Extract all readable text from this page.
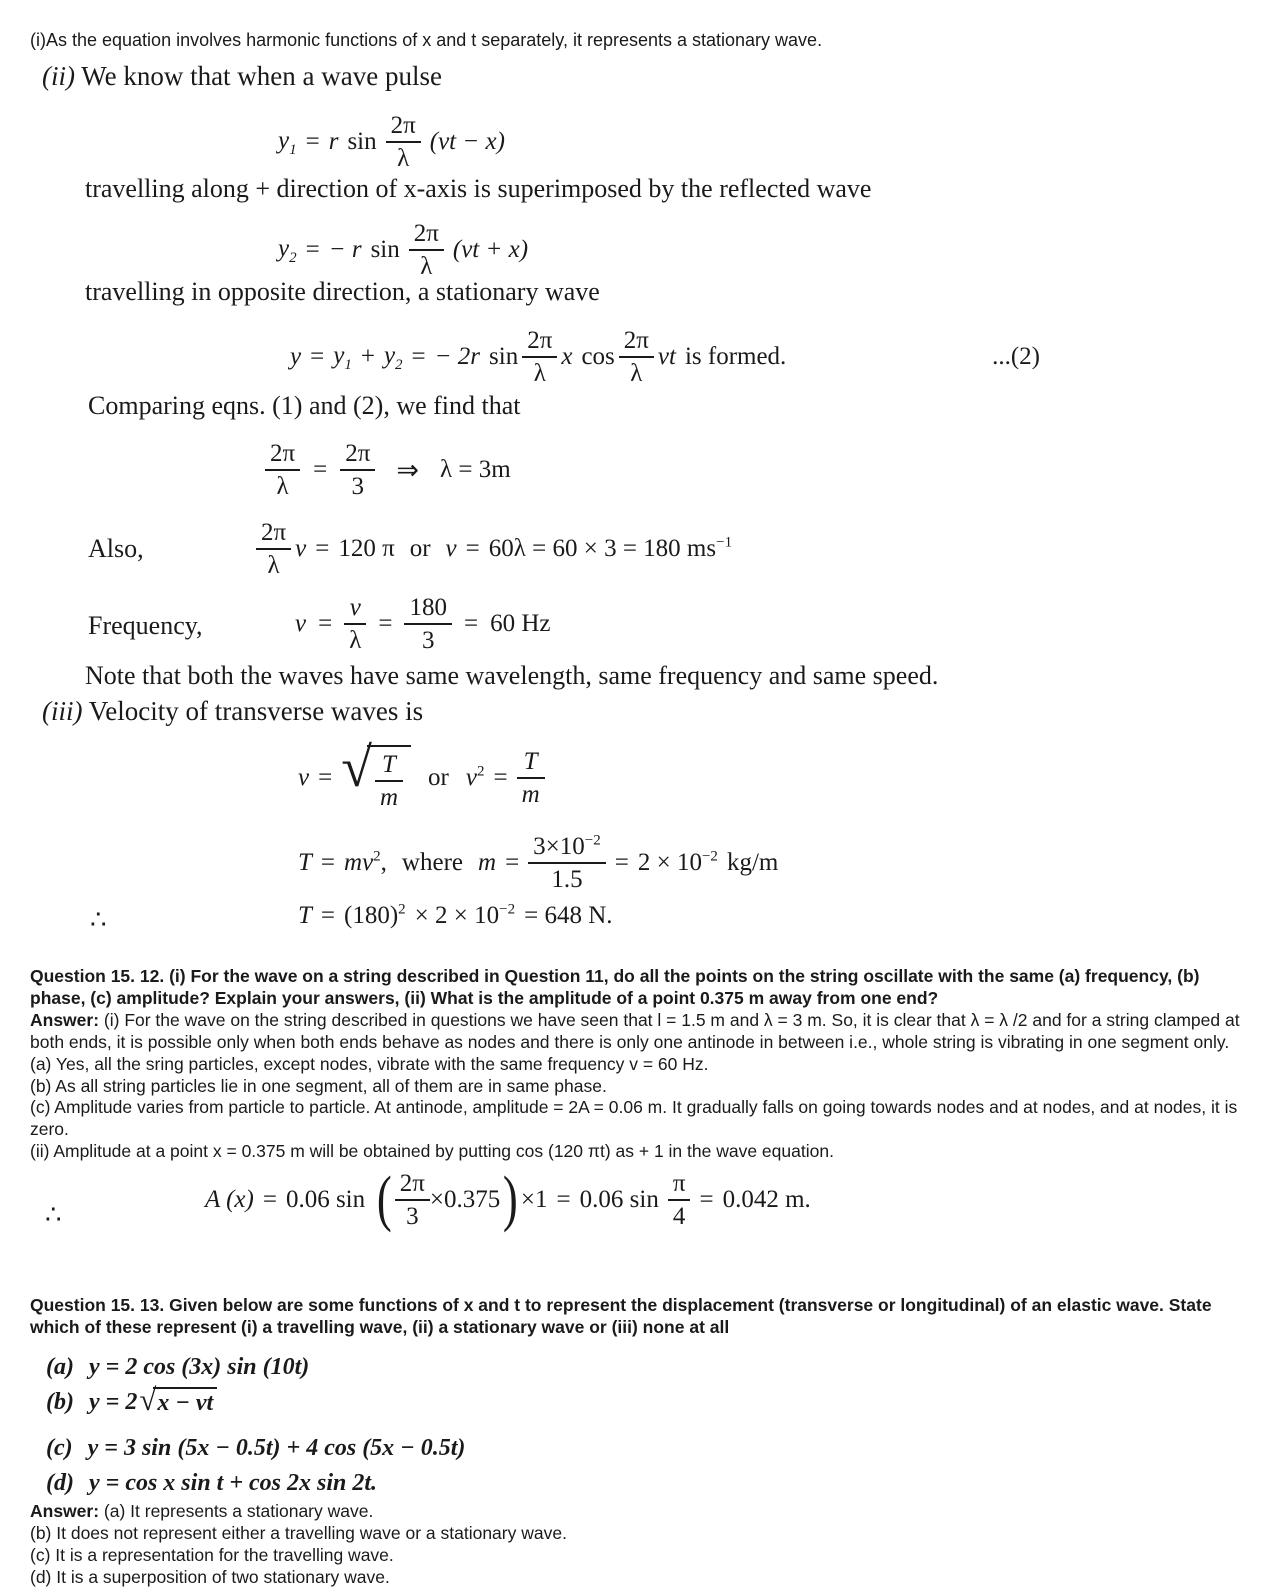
(i)As the equation involves harmonic functions of x and t separately, it represents a stationary wave.
(ii) We know that when a wave pulse
$y_1 = r$ $\sin \frac{2\pi}{\lambda} (vt - x)$
travelling along + direction of x-axis is superimposed by the reflected wave
$y_2$ = − r $\sin \frac{2\pi}{\lambda} (vt + x)$
travelling in opposite direction, a stationary wave
$y = y_1 + y_2$ = − 2r $\sin \frac{2\pi}{\lambda}$ x $\cos \frac{2\pi}{\lambda}$ vt is formed.	...(2)
Comparing eqns. (1) and (2), we find that
$\frac{2\pi}{\lambda} = \frac{2\pi}{3}$ ⇒ λ = 3m
Also,	$\frac{2\pi}{\lambda}$ v = 120 π or v = 60λ = 60 × 3 = 180 $ms^{-1}$
Frequency,	$v = \frac{v}{\lambda} = \frac{180}{3} = 60$ Hz
Note that both the waves have same wavelength, same frequency and same speed.
(iii) Velocity of transverse waves is
v = √ $\frac{T}{m}$ or $v^2 = \frac{T}{m}$
$T = mv^2$, where $m = \frac{3\times 10^{-2}}{1.5} = 2 \times 10^{-2}$ kg/m
∴	$T = (180)^2 \times 2 \times 10^{-2} = 648$ N.

Question 15. 12. (i) For the wave on a string described in Question 11, do all the points on the string oscillate with the same (a) frequency, (b) phase, (c) amplitude? Explain your answers, (ii) What is the amplitude of a point 0.375 m away from one end?

Answer: (i) For the wave on the string described in questions we have seen that l = 1.5 m and λ = 3 m. So, it is clear that λ = λ /2 and for a string clamped at both ends, it is possible only when both ends behave as nodes and there is only one antinode in between i.e., whole string is vibrating in one segment only.

(a) Yes, all the sring particles, except nodes, vibrate with the same frequency v = 60 Hz.

(b) As all string particles lie in one segment, all of them are in same phase.

(c) Amplitude varies from particle to particle. At antinode, amplitude = 2A = 0.06 m. It gradually falls on going towards nodes and at nodes, and at nodes, it is zero.

(ii) Amplitude at a point x = 0.375 m will be obtained by putting cos (120 πt) as + 1 in the wave equation.

∴
A (x) = 0.06 sin ( $\frac{2\pi}{3} \times 0.375$ ) ×1 = 0.06 $\sin \frac{\pi}{4} = 0.042$ m.

Question 15. 13. Given below are some functions of x and t to represent the displacement (transverse or longitudinal) of an elastic wave. State which of these represent (i) a travelling wave, (ii) a stationary wave or (iii) none at all

(a) y = 2 cos (3x) sin (10t)
(b) y = 2 √ x − vt
(c) y = 3 sin (5x − 0.5t) + 4 cos (5x − 0.5t)
(d) y = cos x sin t + cos 2x sin 2t.

Answer: (a) It represents a stationary wave.

(b) It does not represent either a travelling wave or a stationary wave.

(c) It is a representation for the travelling wave.

(d) It is a superposition of two stationary wave.
